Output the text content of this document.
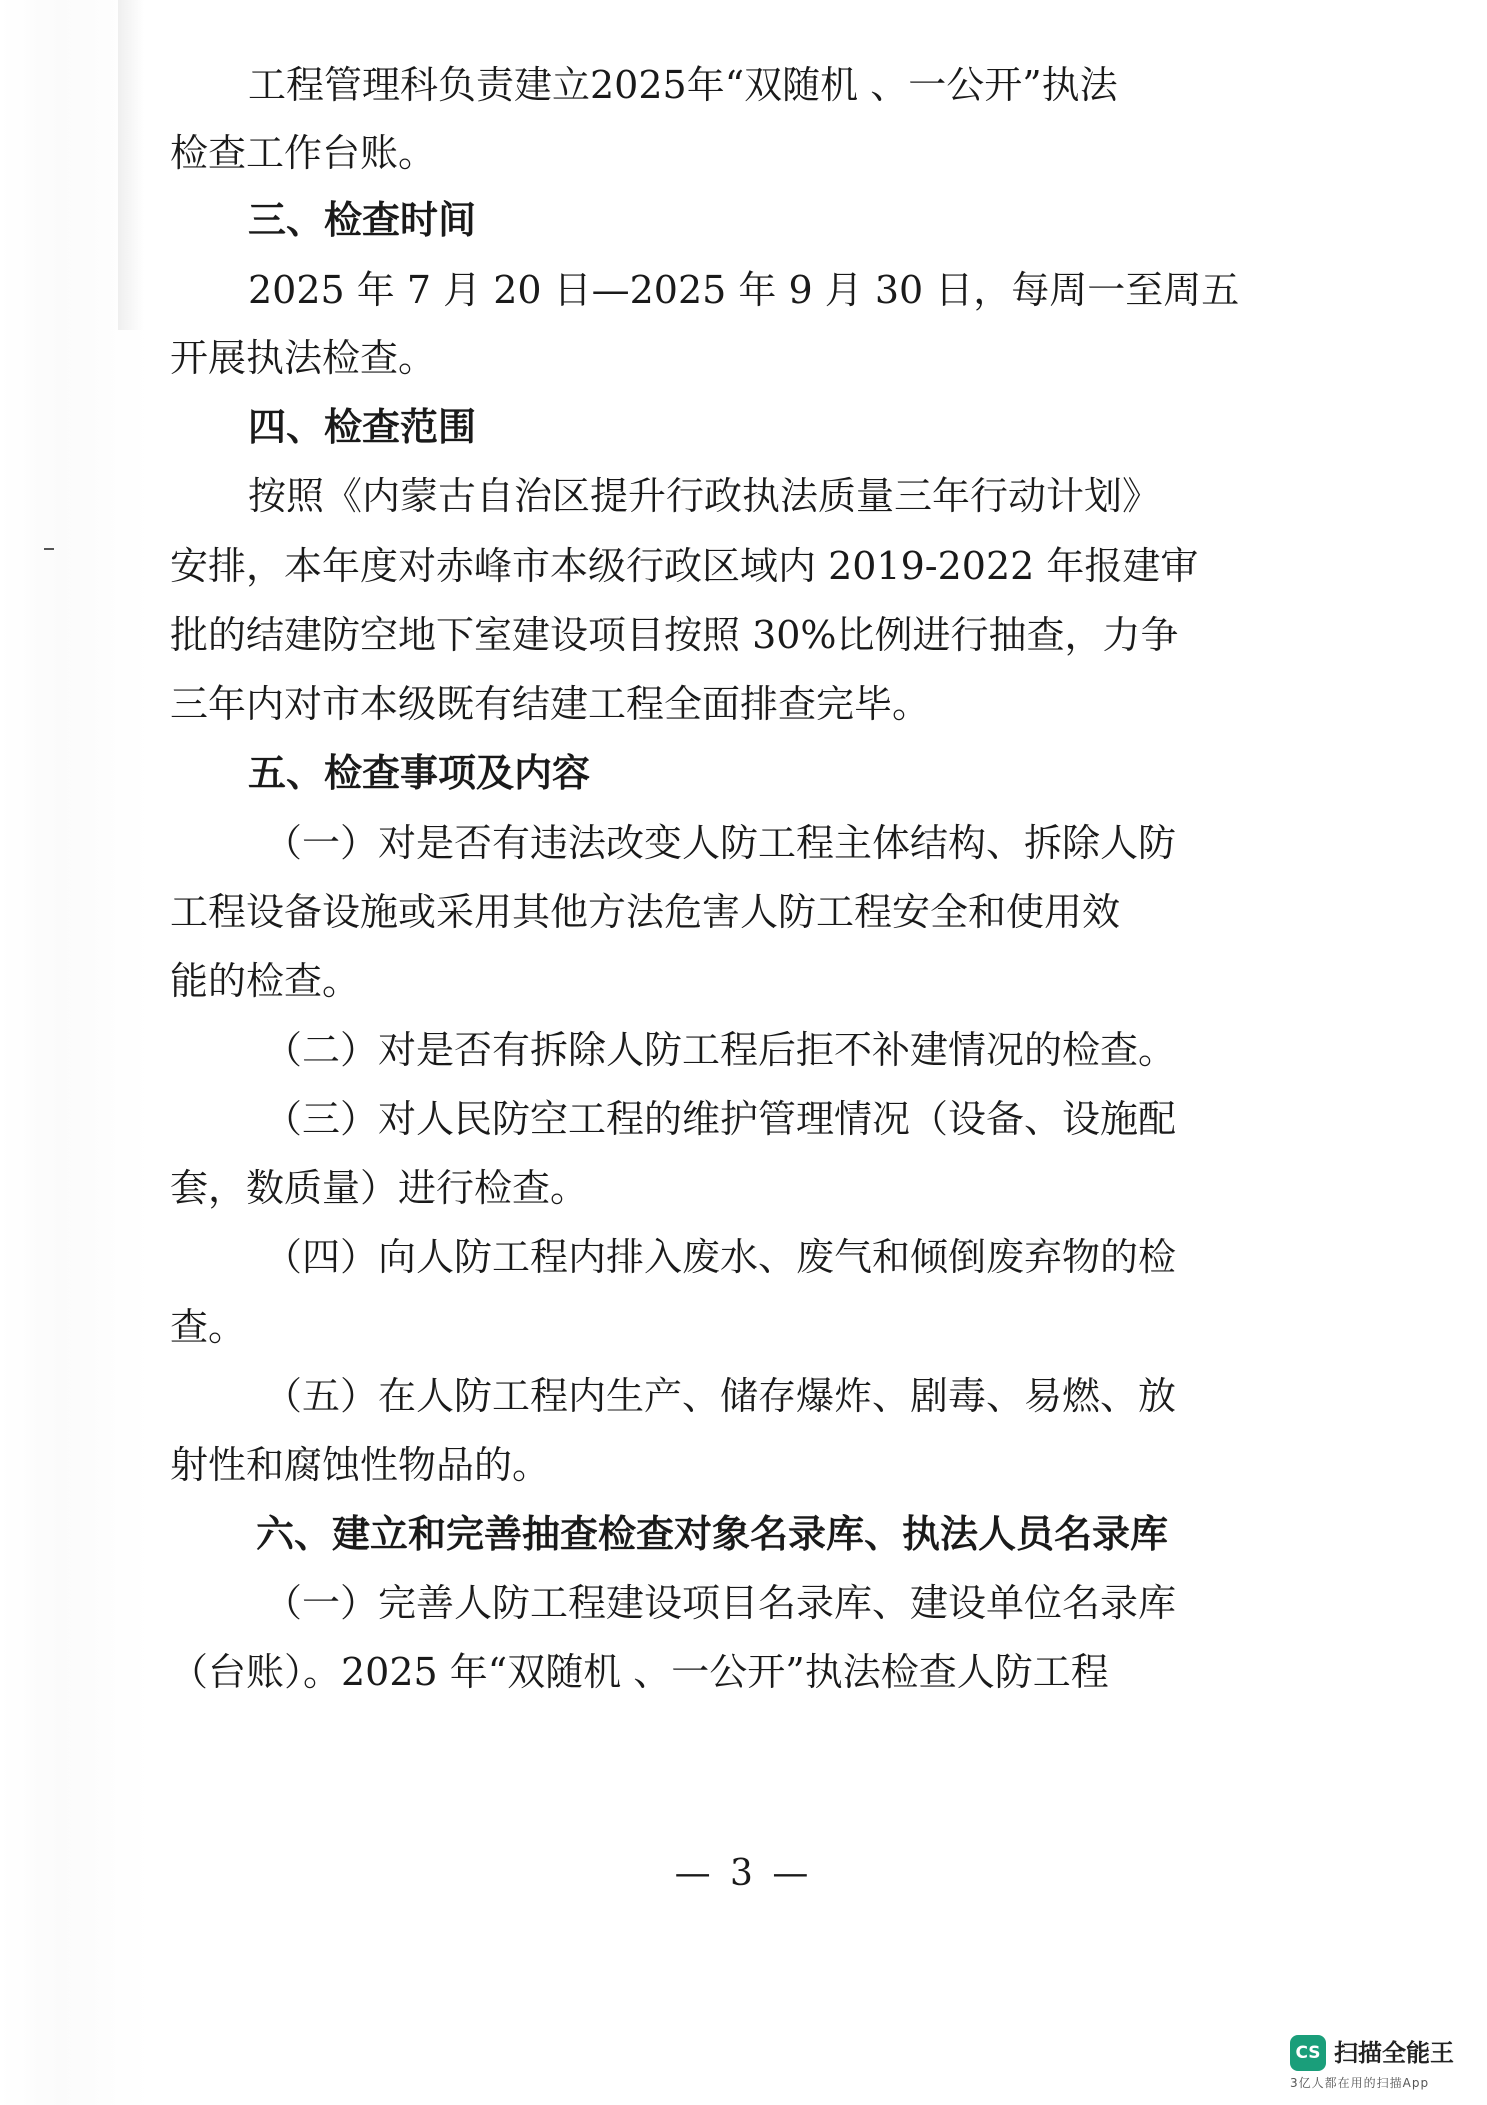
工程管理科负责建立2025年“双随机 、一公开”执法
检查工作台账。
三、检查时间
2025 年 7 月 20 日—2025 年 9 月 30 日，每周一至周五
开展执法检查。
四、检查范围
按照《内蒙古自治区提升行政执法质量三年行动计划》
安排，本年度对赤峰市本级行政区域内 2019-2022 年报建审
批的结建防空地下室建设项目按照 30%比例进行抽查，力争
三年内对市本级既有结建工程全面排查完毕。
五、检查事项及内容
（一）对是否有违法改变人防工程主体结构、拆除人防
工程设备设施或采用其他方法危害人防工程安全和使用效
能的检查。
（二）对是否有拆除人防工程后拒不补建情况的检查。
（三）对人民防空工程的维护管理情况（设备、设施配
套，数质量）进行检查。
（四）向人防工程内排入废水、废气和倾倒废弃物的检
查。
（五）在人防工程内生产、储存爆炸、剧毒、易燃、放
射性和腐蚀性物品的。
六、建立和完善抽查检查对象名录库、执法人员名录库
（一）完善人防工程建设项目名录库、建设单位名录库
（台账）。2025 年“双随机 、一公开”执法检查人防工程
— 3 —
CS 扫描全能王
3亿人都在用的扫描App
